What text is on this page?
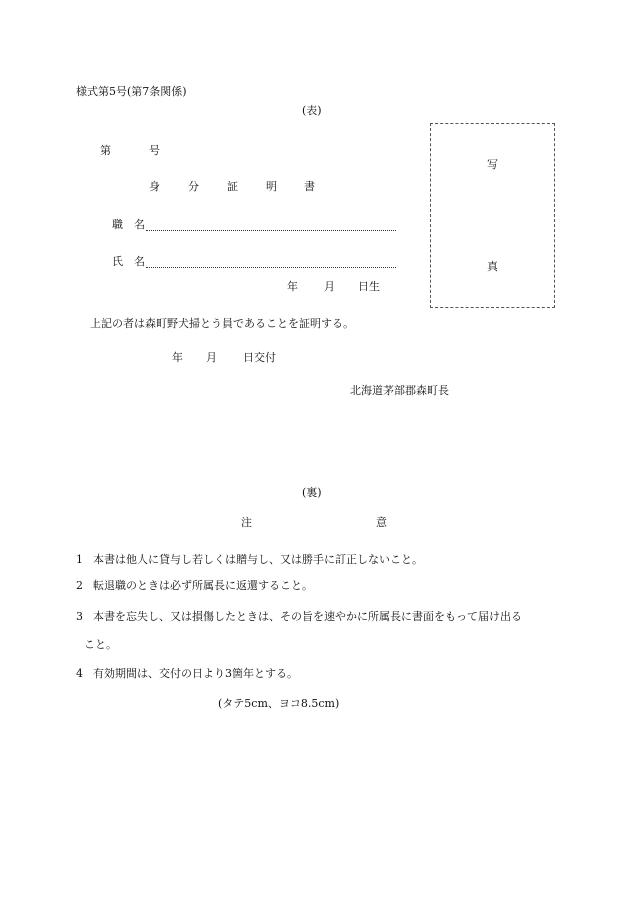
様式第5号(第7条関係)
(表)
第	号
身	分	証	明 書
職　名
氏　名
年 月 日生
写
真
上記の者は森町野犬掃とう員であることを証明する。
年 月 日交付
北海道茅部郡森町長
(裏)
注	意
1 本書は他人に貸与し若しくは贈与し、又は勝手に訂正しないこと。
2 転退職のときは必ず所属長に返還すること。
3 本書を忘失し、又は損傷したときは、その旨を速やかに所属長に書面をもって届け出る
こと。
4 有効期間は、交付の日より3箇年とする。
(タテ5cm、ヨコ8.5cm)
